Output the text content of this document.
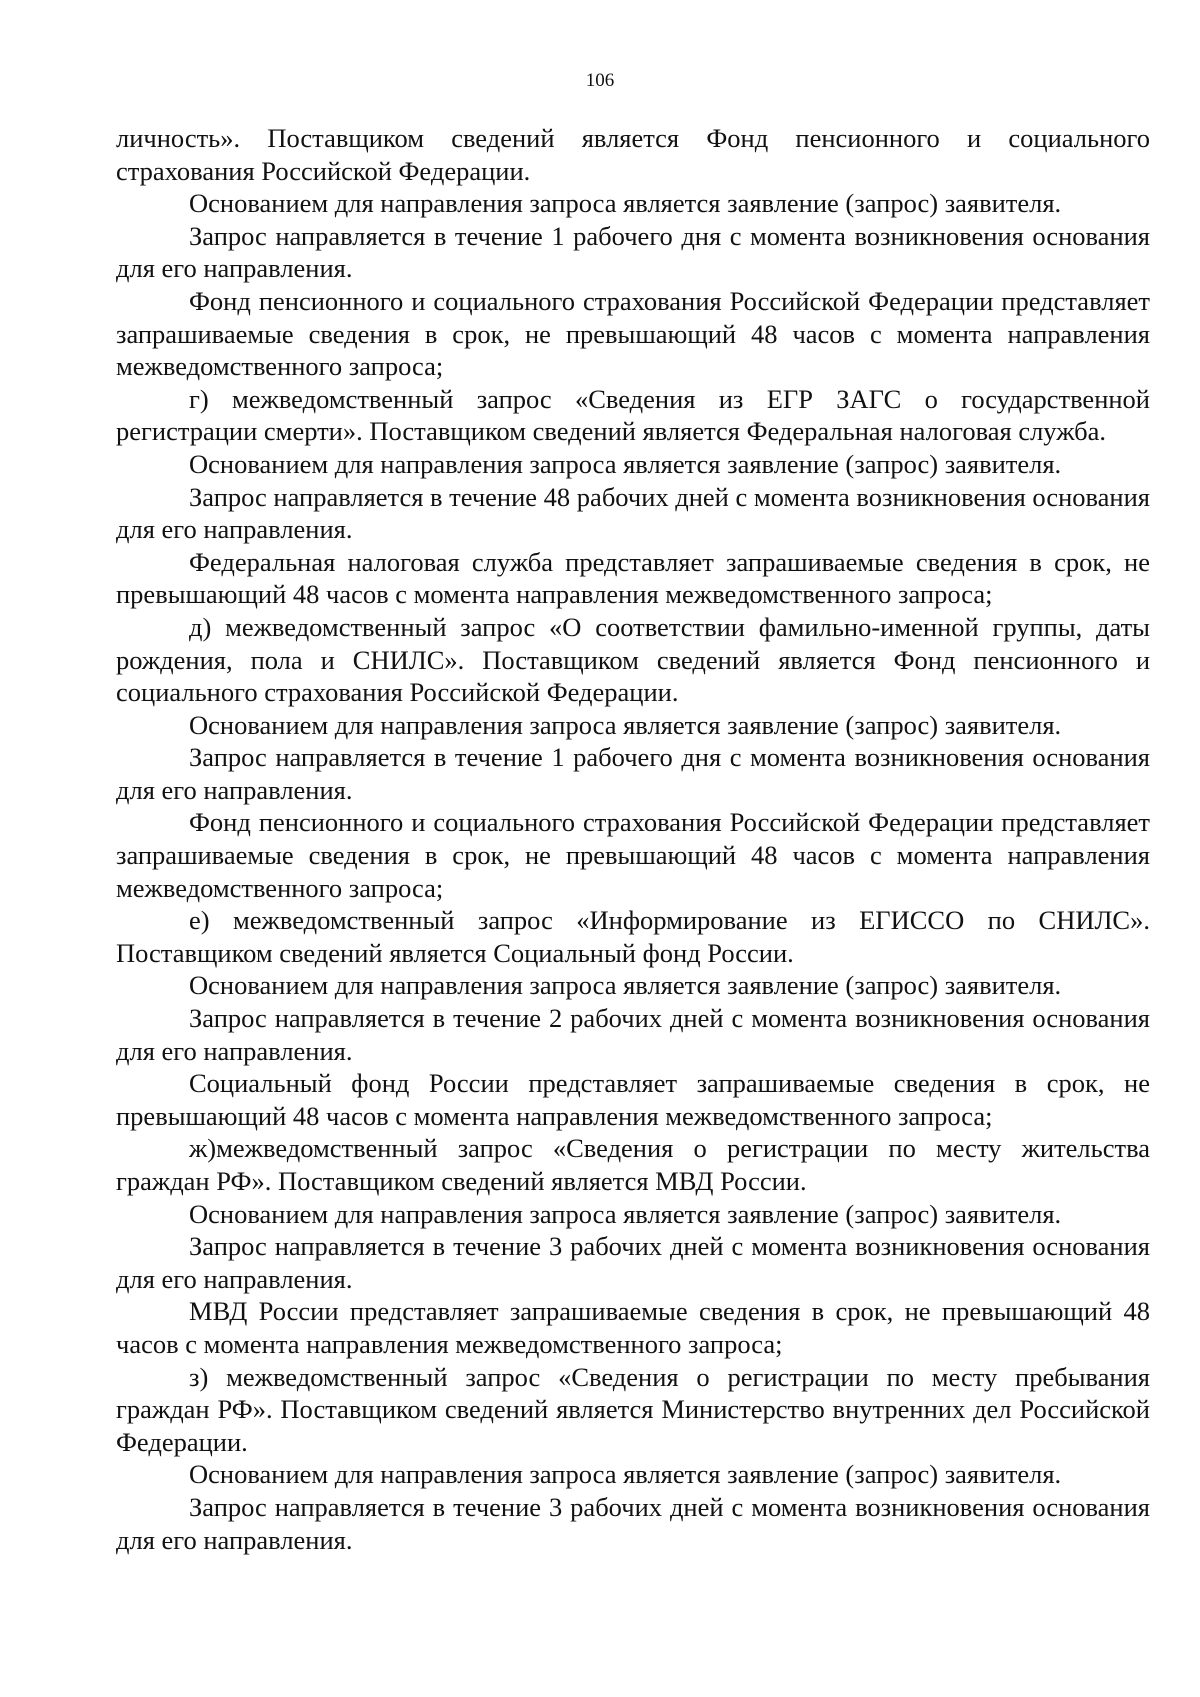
106

личность». Поставщиком сведений является Фонд пенсионного и социального страхования Российской Федерации.

Основанием для направления запроса является заявление (запрос) заявителя.

Запрос направляется в течение 1 рабочего дня с момента возникновения основания для его направления.

Фонд пенсионного и социального страхования Российской Федерации представляет запрашиваемые сведения в срок, не превышающий 48 часов с момента направления межведомственного запроса;

г) межведомственный запрос «Сведения из ЕГР ЗАГС о государственной регистрации смерти». Поставщиком сведений является Федеральная налоговая служба.

Основанием для направления запроса является заявление (запрос) заявителя.

Запрос направляется в течение 48 рабочих дней с момента возникновения основания для его направления.

Федеральная налоговая служба представляет запрашиваемые сведения в срок, не превышающий 48 часов с момента направления межведомственного запроса;

д) межведомственный запрос «О соответствии фамильно-именной группы, даты рождения, пола и СНИЛС». Поставщиком сведений является Фонд пенсионного и социального страхования Российской Федерации.

Основанием для направления запроса является заявление (запрос) заявителя.

Запрос направляется в течение 1 рабочего дня с момента возникновения основания для его направления.

Фонд пенсионного и социального страхования Российской Федерации представляет запрашиваемые сведения в срок, не превышающий 48 часов с момента направления межведомственного запроса;

е) межведомственный запрос «Информирование из ЕГИССО по СНИЛС». Поставщиком сведений является Социальный фонд России.

Основанием для направления запроса является заявление (запрос) заявителя.

Запрос направляется в течение 2 рабочих дней с момента возникновения основания для его направления.

Социальный фонд России представляет запрашиваемые сведения в срок, не превышающий 48 часов с момента направления межведомственного запроса;

ж)межведомственный запрос «Сведения о регистрации по месту жительства граждан РФ». Поставщиком сведений является МВД России.

Основанием для направления запроса является заявление (запрос) заявителя.

Запрос направляется в течение 3 рабочих дней с момента возникновения основания для его направления.

МВД России представляет запрашиваемые сведения в срок, не превышающий 48 часов с момента направления межведомственного запроса;

з) межведомственный запрос «Сведения о регистрации по месту пребывания граждан РФ». Поставщиком сведений является Министерство внутренних дел Российской Федерации.

Основанием для направления запроса является заявление (запрос) заявителя.

Запрос направляется в течение 3 рабочих дней с момента возникновения основания для его направления.
